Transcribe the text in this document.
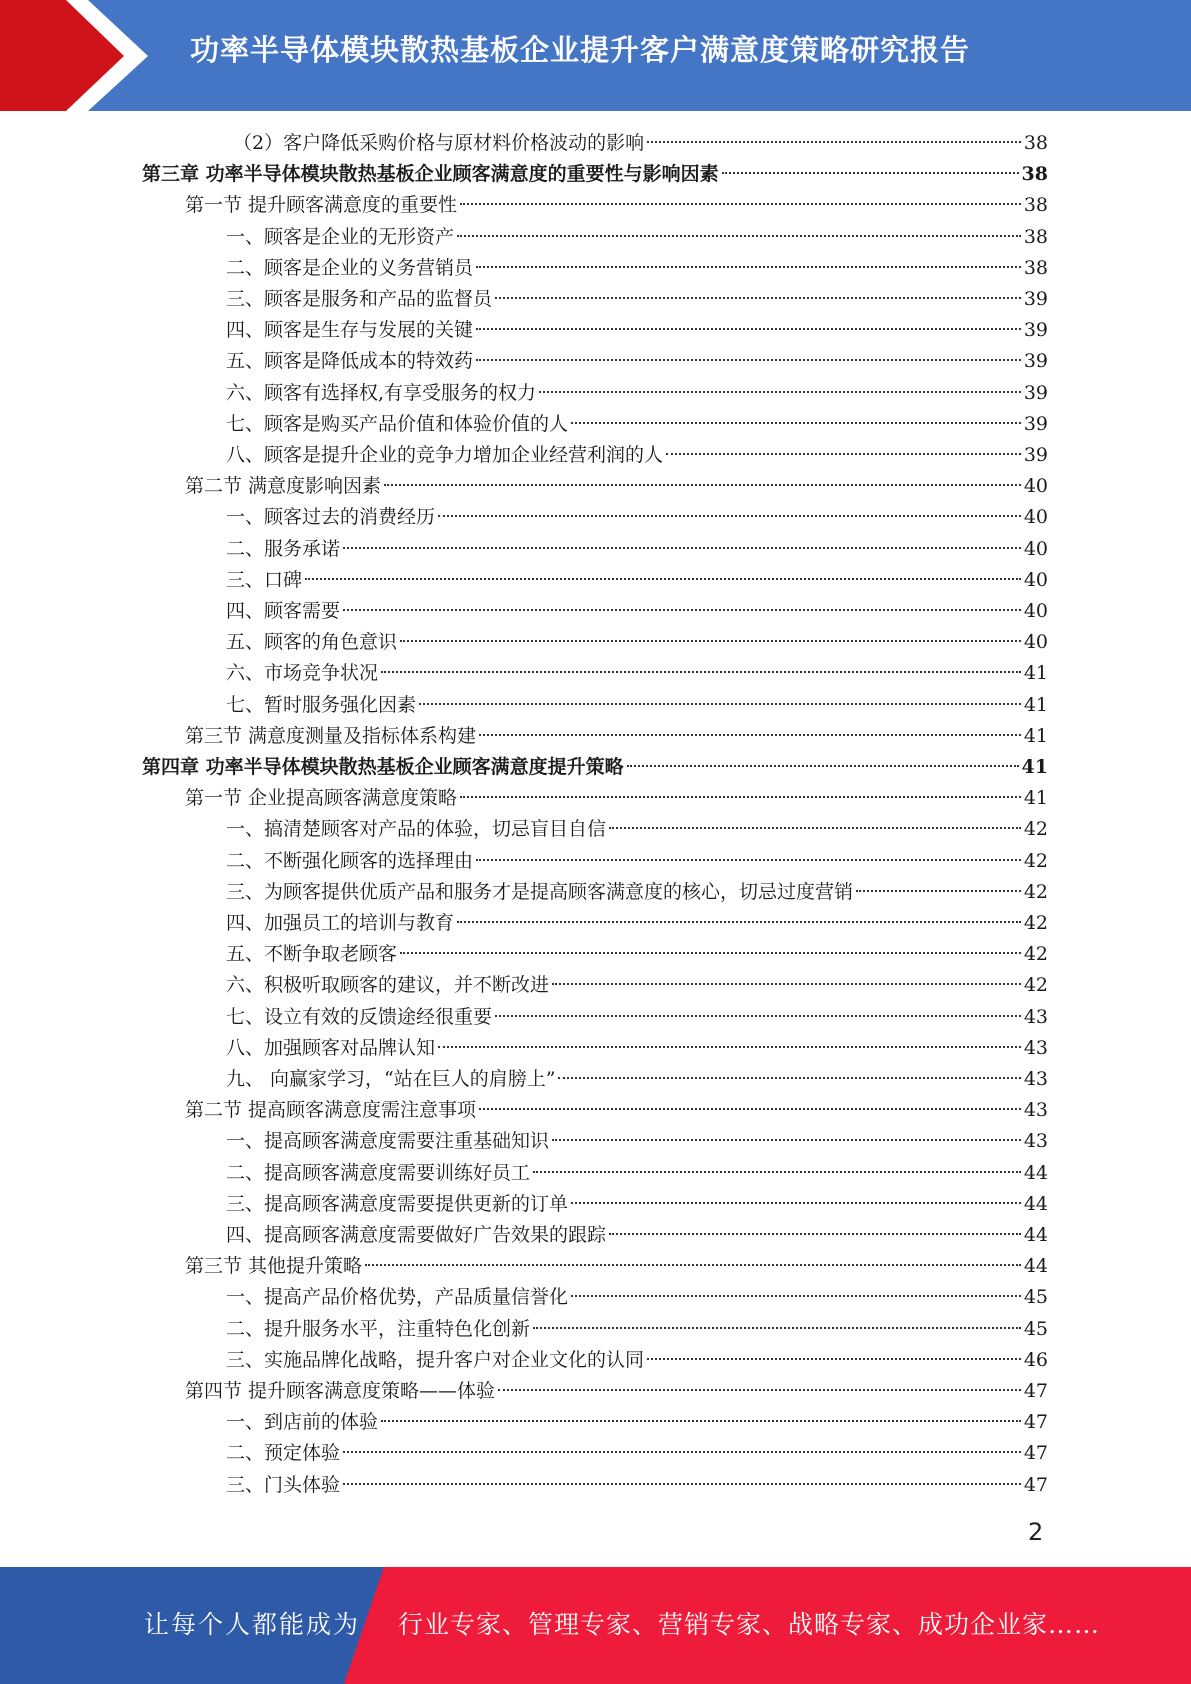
功率半导体模块散热基板企业提升客户满意度策略研究报告
（2）客户降低采购价格与原材料价格波动的影响	38
第三章 功率半导体模块散热基板企业顾客满意度的重要性与影响因素	38
第一节 提升顾客满意度的重要性	38
一、顾客是企业的无形资产	38
二、顾客是企业的义务营销员	38
三、顾客是服务和产品的监督员	39
四、顾客是生存与发展的关键	39
五、顾客是降低成本的特效药	39
六、顾客有选择权,有享受服务的权力	39
七、顾客是购买产品价值和体验价值的人	39
八、顾客是提升企业的竞争力增加企业经营利润的人	39
第二节 满意度影响因素	40
一、顾客过去的消费经历	40
二、服务承诺	40
三、口碑	40
四、顾客需要	40
五、顾客的角色意识	40
六、市场竞争状况	41
七、暂时服务强化因素	41
第三节 满意度测量及指标体系构建	41
第四章 功率半导体模块散热基板企业顾客满意度提升策略	41
第一节 企业提高顾客满意度策略	41
一、搞清楚顾客对产品的体验，切忌盲目自信	42
二、不断强化顾客的选择理由	42
三、为顾客提供优质产品和服务才是提高顾客满意度的核心，切忌过度营销	42
四、加强员工的培训与教育	42
五、不断争取老顾客	42
六、积极听取顾客的建议，并不断改进	42
七、设立有效的反馈途经很重要	43
八、加强顾客对品牌认知	43
九、 向赢家学习，“站在巨人的肩膀上”	43
第二节 提高顾客满意度需注意事项	43
一、提高顾客满意度需要注重基础知识	43
二、提高顾客满意度需要训练好员工	44
三、提高顾客满意度需要提供更新的订单	44
四、提高顾客满意度需要做好广告效果的跟踪	44
第三节 其他提升策略	44
一、提高产品价格优势，产品质量信誉化	45
二、提升服务水平，注重特色化创新	45
三、实施品牌化战略，提升客户对企业文化的认同	46
第四节 提升顾客满意度策略——体验	47
一、到店前的体验	47
二、预定体验	47
三、门头体验	47
2
让每个人都能成为 行业专家、管理专家、营销专家、战略专家、成功企业家……
